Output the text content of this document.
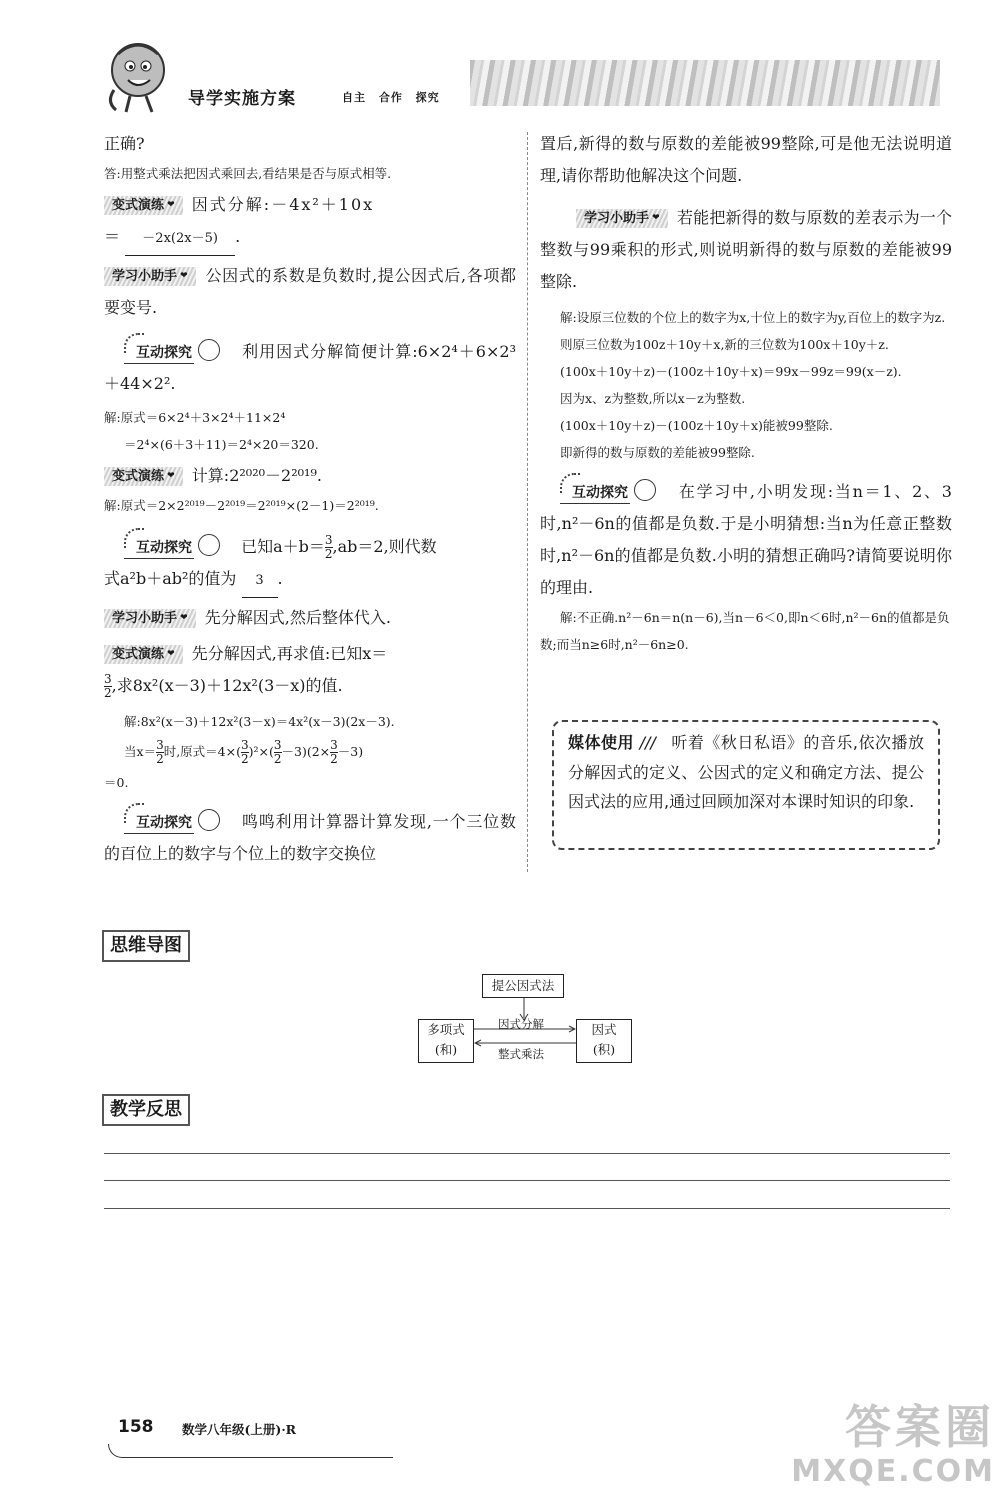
导学实施方案	自主 合作 探究
正确?
答:用整式乘法把因式乘回去,看结果是否与原式相等.
变式演练 ❤ 因式分解:－4x²＋10x
＝ －2x(2x－5) .
学习小助手 ❤ 公因式的系数是负数时,提公因式后,各项都要变号.
互动探究	利用因式分解简便计算:6×2⁴＋6×2³＋44×2².
解:原式＝6×2⁴＋3×2⁴＋11×2⁴
＝2⁴×(6＋3＋11)＝2⁴×20＝320.
变式演练 ❤ 计算:2²⁰²⁰－2²⁰¹⁹.
解:原式＝2×2²⁰¹⁹－2²⁰¹⁹＝2²⁰¹⁹×(2－1)＝2²⁰¹⁹.
互动探究	已知$a+b= \frac{3}{2} ,ab=2$,则代数
式a²b＋ab²的值为 3 .
学习小助手 ❤ 先分解因式,然后整体代入.
变式演练 ❤ 先分解因式,再求值:已知x＝
$\frac{3}{2}$ ,求8x²(x－3)＋12x²(3－x)的值.
解:8x²(x－3)＋12x²(3－x)＝4x²(x－3)(2x－3).
当$x= \frac{3}{2}$ 时,原式$=4\times( \frac{3}{2} )^2\times( \frac{3}{2} -3)(2\times \frac{3}{2} -3)$
＝0.
互动探究	鸣鸣利用计算器计算发现,一个三位数的百位上的数字与个位上的数字交换位
置后,新得的数与原数的差能被99整除,可是他无法说明道理,请你帮助他解决这个问题.
学习小助手 ❤ 若能把新得的数与原数的差表示为一个整数与99乘积的形式,则说明新得的数与原数的差能被99整除.
解:设原三位数的个位上的数字为x,十位上的数字为y,百位上的数字为z.
则原三位数为100z＋10y＋x,新的三位数为100x＋10y＋z.
(100x＋10y＋z)－(100z＋10y＋x)＝99x－99z＝99(x－z).
因为x、z为整数,所以x－z为整数.
(100x＋10y＋z)－(100z＋10y＋x)能被99整除.
即新得的数与原数的差能被99整除.
互动探究	在学习中,小明发现:当n＝1、2、3时,n²－6n的值都是负数.于是小明猜想:当n为任意正整数时,n²－6n的值都是负数.小明的猜想正确吗?请简要说明你的理由.
解:不正确.n²－6n＝n(n－6),当n－6＜0,即n＜6时,n²－6n的值都是负数;而当n≥6时,n²－6n≥0.
媒体使用 /// 听着《秋日私语》的音乐,依次播放分解因式的定义、公因式的定义和确定方法、提公因式法的应用,通过回顾加深对本课时知识的印象.
思维导图
提公因式法
多项式
(和)
因式
(积)
因式分解
整式乘法
教学反思
158 数学八年级(上册)·R	答案圈
MXQE.COM
